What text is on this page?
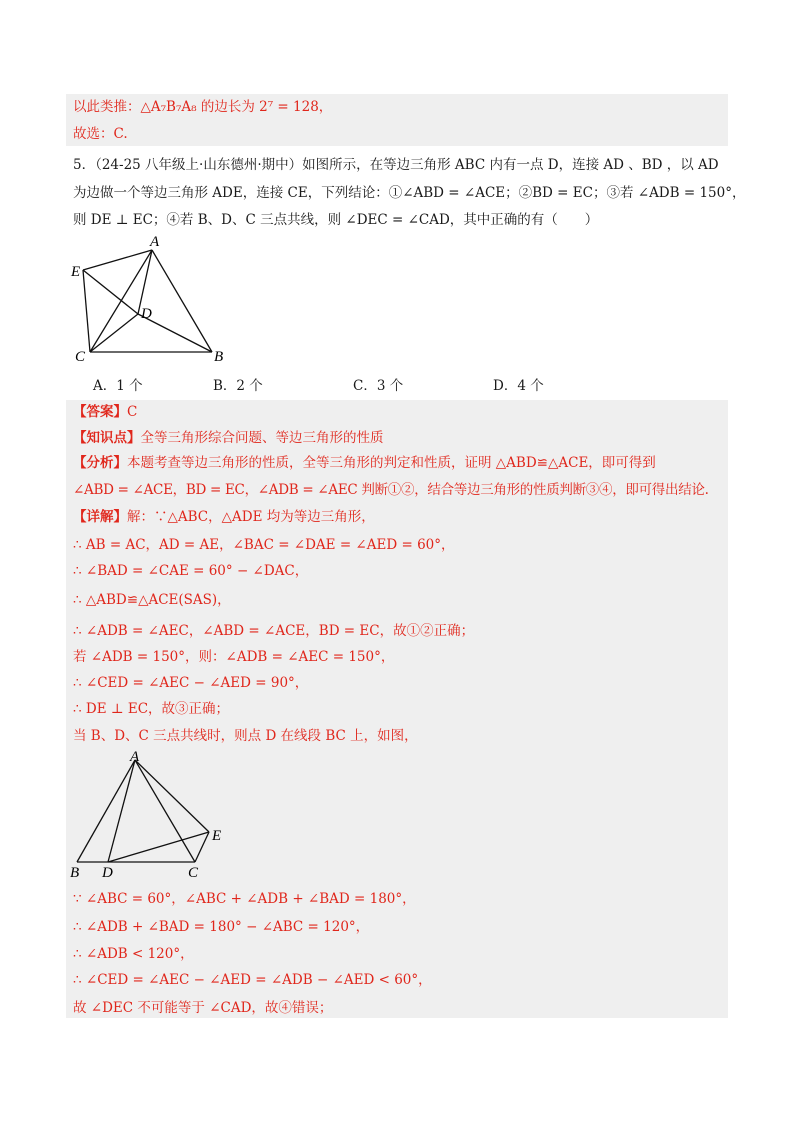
以此类推：△A₇B₇A₈ 的边长为 2⁷ = 128，
故选：C.
5．（24-25 八年级上·山东德州·期中）如图所示，在等边三角形 ABC 内有一点 D，连接 AD 、BD ，以 AD
为边做一个等边三角形 ADE，连接 CE，下列结论：①∠ABD = ∠ACE；②BD = EC；③若 ∠ADB = 150°，
则 DE ⊥ EC；④若 B、D、C 三点共线，则 ∠DEC = ∠CAD，其中正确的有（　　）
A
B
C
D
E
A．1 个	B．2 个	C．3 个	D．4 个
【答案】C
【知识点】全等三角形综合问题、等边三角形的性质
【分析】本题考查等边三角形的性质，全等三角形的判定和性质，证明 △ABD≌△ACE，即可得到
∠ABD = ∠ACE，BD = EC，∠ADB = ∠AEC 判断①②，结合等边三角形的性质判断③④，即可得出结论.
【详解】解：∵△ABC，△ADE 均为等边三角形，
∴ AB = AC，AD = AE，∠BAC = ∠DAE = ∠AED = 60°，
∴ ∠BAD = ∠CAE = 60° − ∠DAC，
∴ △ABD≌△ACE(SAS)，
∴ ∠ADB = ∠AEC，∠ABD = ∠ACE，BD = EC，故①②正确；
若 ∠ADB = 150°，则：∠ADB = ∠AEC = 150°，
∴ ∠CED = ∠AEC − ∠AED = 90°，
∴ DE ⊥ EC，故③正确；
当 B、D、C 三点共线时，则点 D 在线段 BC 上，如图，
A
B	C
D
E
∵ ∠ABC = 60°，∠ABC + ∠ADB + ∠BAD = 180°，
∴ ∠ADB + ∠BAD = 180° − ∠ABC = 120°，
∴ ∠ADB < 120°，
∴ ∠CED = ∠AEC − ∠AED = ∠ADB − ∠AED < 60°，
故 ∠DEC 不可能等于 ∠CAD，故④错误；
